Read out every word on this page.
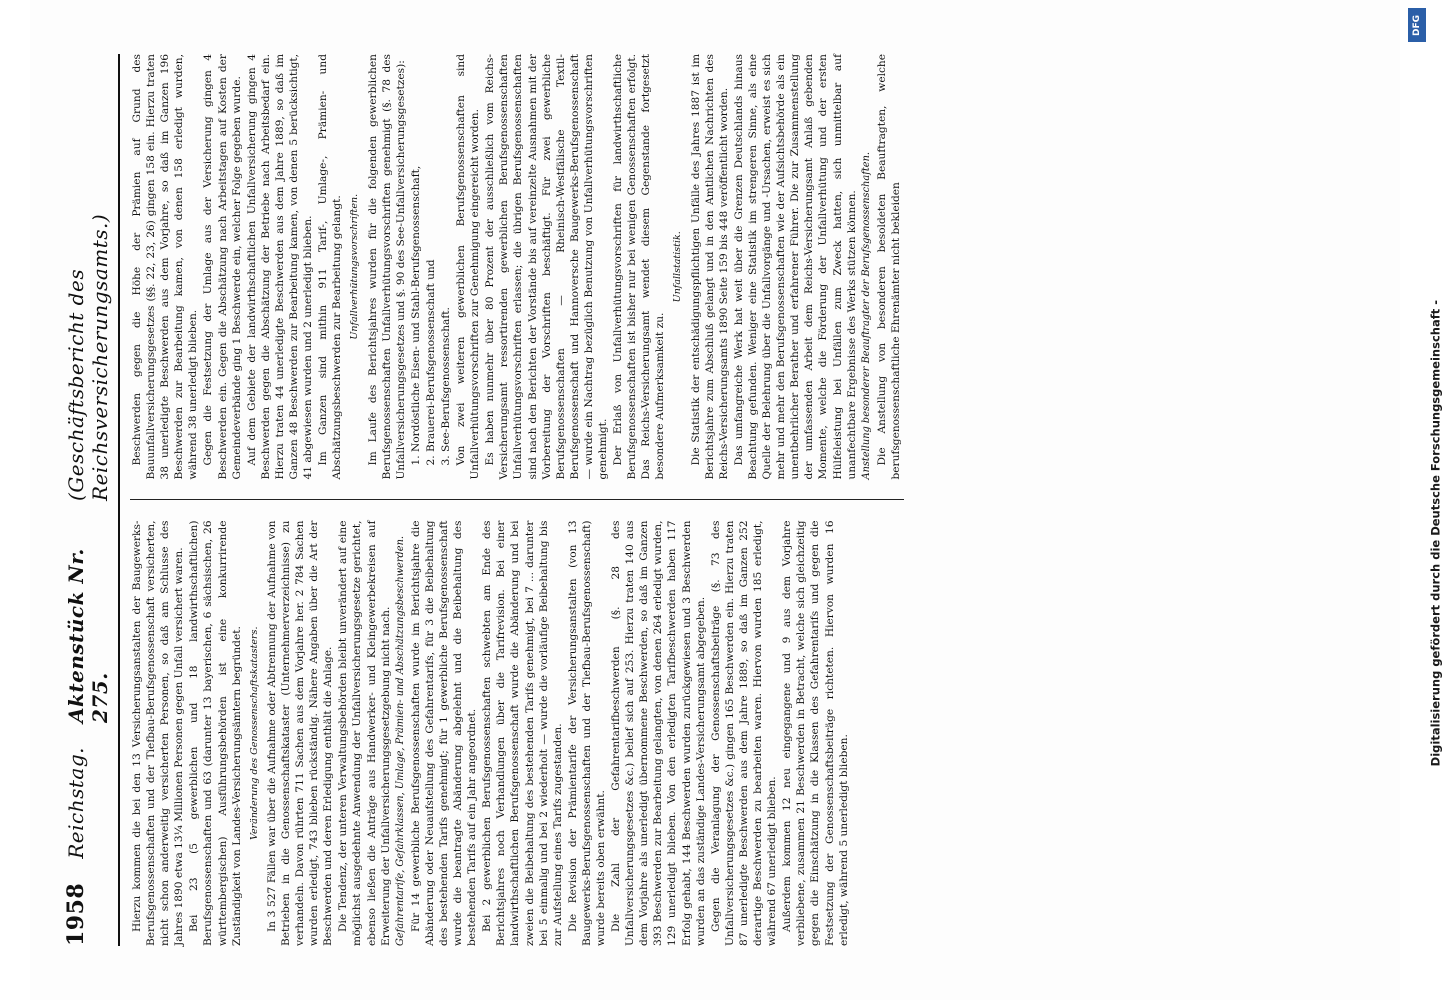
1958
Reichstag.
Aktenstück Nr. 275.
(Geschäftsbericht des Reichsversicherungsamts.)

Hierzu kommen die bei den 13 Versicherungsanstalten der Baugewerks-Berufsgenossenschaften und der Tiefbau-Berufsgenossenschaft versicherten, nicht schon anderweitig versicherten Personen, so daß am Schlusse des Jahres 1890 etwa 13¼ Millionen Personen gegen Unfall versichert waren. Bei 23 (5 gewerblichen und 18 landwirthschaftlichen) Berufsgenossenschaften und 63 (darunter 13 bayerischen, 6 sächsischen, 26 württembergischen) Ausführungsbehörden ist eine konkurrirende Zuständigkeit von Landes-Versicherungsämtern begründet. Veränderung des Genossenschaftskatasters. In 3 527 Fällen war über die Aufnahme oder Abtrennung der Aufnahme von Betrieben in die Genossenschaftskataster (Unternehmerverzeichnisse) zu verhandeln. Davon rührten 711 Sachen aus dem Vorjahre her. 2 784 Sachen wurden erledigt, 743 blieben rückständig. Nähere Angaben über die Art der Beschwerden und deren Erledigung enthält die Anlage. Die Tendenz, der unteren Verwaltungsbehörden bleibt unverändert auf eine möglichst ausgedehnte Anwendung der Unfallversicherungsgesetze gerichtet, ebenso ließen die Anträge aus Handwerker- und Kleingewerbekreisen auf Erweiterung der Unfallversicherungsgesetzgebung nicht nach. Gefahrentarife, Gefahrklassen, Umlage, Prämien- und Abschätzungsbeschwerden. Für 14 gewerbliche Berufsgenossenschaften wurde im Berichtsjahre die Abänderung oder Neuaufstellung des Gefahrentarifs, für 3 die Beibehaltung des bestehenden Tarifs genehmigt; für 1 gewerbliche Berufsgenossenschaft wurde die beantragte Abänderung abgelehnt und die Beibehaltung des bestehenden Tarifs auf ein Jahr angeordnet. Bei 2 gewerblichen Berufsgenossenschaften schwebten am Ende des Berichtsjahres noch Verhandlungen über die Tarifrevision. Bei einer landwirthschaftlichen Berufsgenossenschaft wurde die Abänderung und bei zweien die Beibehaltung des bestehenden Tarifs genehmigt, bei 7 ... darunter bei 5 einmalig und bei 2 wiederholt — wurde die vorläufige Beibehaltung bis zur Aufstellung eines Tarifs zugestanden. Die Revision der Prämientarife der Versicherungsanstalten (von 13 Baugewerks-Berufsgenossenschaften und der Tiefbau-Berufsgenossenschaft) wurde bereits oben erwähnt. Die Zahl der Gefahrentarifbeschwerden (§. 28 des Unfallversicherungsgesetzes &c.) belief sich auf 253. Hierzu traten 140 aus dem Vorjahre als unerledigt übernommene Beschwerden, so daß im Ganzen 393 Beschwerden zur Bearbeitung gelangten, von denen 264 erledigt wurden, 129 unerledigt blieben. Von den erledigten Tarifbeschwerden haben 117 Erfolg gehabt, 144 Beschwerden wurden zurückgewiesen und 3 Beschwerden wurden an das zuständige Landes-Versicherungsamt abgegeben. Gegen die Veranlagung der Genossenschaftsbeiträge (§. 73 des Unfallversicherungsgesetzes &c.) gingen 165 Beschwerden ein. Hierzu traten 87 unerledigte Beschwerden aus dem Jahre 1889, so daß im Ganzen 252 derartige Beschwerden zu bearbeiten waren. Hiervon wurden 185 erledigt, während 67 unerledigt blieben. Außerdem kommen 12 neu eingegangene und 9 aus dem Vorjahre verbliebene, zusammen 21 Beschwerden in Betracht, welche sich gleichzeitig gegen die Einschätzung in die Klassen des Gefahrentarifs und gegen die Festsetzung der Genossenschaftsbeiträge richteten. Hiervon wurden 16 erledigt, während 5 unerledigt blieben.

Beschwerden gegen die Höhe der Prämien auf Grund des Bauunfallversicherungsgesetzes (§§. 22, 23, 26) gingen 158 ein. Hierzu traten 38 unerledigte Beschwerden aus dem Vorjahre, so daß im Ganzen 196 Beschwerden zur Bearbeitung kamen, von denen 158 erledigt wurden, während 38 unerledigt blieben. Gegen die Festsetzung der Umlage aus der Versicherung gingen 4 Beschwerden ein. Gegen die Abschätzung nach Arbeitstagen auf Kosten der Gemeindeverbände ging 1 Beschwerde ein, welcher Folge gegeben wurde. Auf dem Gebiete der landwirthschaftlichen Unfallversicherung gingen 4 Beschwerden gegen die Abschätzung der Betriebe nach Arbeitsbedarf ein. Hierzu traten 44 unerledigte Beschwerden aus dem Jahre 1889, so daß im Ganzen 48 Beschwerden zur Bearbeitung kamen, von denen 5 berücksichtigt, 41 abgewiesen wurden und 2 unerledigt blieben. Im Ganzen sind mithin 911 Tarif-, Umlage-, Prämien- und Abschätzungsbeschwerden zur Bearbeitung gelangt. Unfallverhütungsvorschriften. Im Laufe des Berichtsjahres wurden für die folgenden gewerblichen Berufsgenossenschaften Unfallverhütungsvorschriften genehmigt (§. 78 des Unfallversicherungsgesetzes und §. 90 des See-Unfallversicherungsgesetzes): 1. Nordöstliche Eisen- und Stahl-Berufsgenossenschaft, 2. Brauerei-Berufsgenossenschaft und 3. See-Berufsgenossenschaft. Von zwei weiteren gewerblichen Berufsgenossenschaften sind Unfallverhütungsvorschriften zur Genehmigung eingereicht worden. Es haben nunmehr über 80 Prozent der ausschließlich vom Reichs-Versicherungsamt ressortirenden gewerblichen Berufsgenossenschaften Unfallverhütungsvorschriften erlassen; die übrigen Berufsgenossenschaften sind nach den Berichten der Vorstände bis auf vereinzelte Ausnahmen mit der Vorbereitung der Vorschriften beschäftigt. Für zwei gewerbliche Berufsgenossenschaften — Rheinisch-Westfälische Textil-Berufsgenossenschaft und Hannoversche Baugewerks-Berufsgenossenschaft — wurde ein Nachtrag bezüglich Benutzung von Unfallverhütungsvorschriften genehmigt. Der Erlaß von Unfallverhütungsvorschriften für landwirthschaftliche Berufsgenossenschaften ist bisher nur bei wenigen Genossenschaften erfolgt. Das Reichs-Versicherungsamt wendet diesem Gegenstande fortgesetzt besondere Aufmerksamkeit zu.

Unfallstatistik. Die Statistik der entschädigungspflichtigen Unfälle des Jahres 1887 ist im Berichtsjahre zum Abschluß gelangt und in den Amtlichen Nachrichten des Reichs-Versicherungsamts 1890 Seite 159 bis 448 veröffentlicht worden. Das umfangreiche Werk hat weit über die Grenzen Deutschlands hinaus Beachtung gefunden. Weniger eine Statistik im strengeren Sinne, als eine Quelle der Belehrung über die Unfallvorgänge und -Ursachen, erweist es sich mehr und mehr den Berufsgenossenschaften wie der Aufsichtsbehörde als ein unentbehrlicher Berather und erfahrener Führer. Die zur Zusammenstellung der umfassenden Arbeit dem Reichs-Versicherungsamt Anlaß gebenden Momente, welche die Förderung der Unfallverhütung und der ersten Hülfeleistung bei Unfällen zum Zweck hatten, sich unmittelbar auf unanfechtbare Ergebnisse des Werks stützen können. Anstellung besonderer Beauftragter der Berufsgenossenschaften. Die Anstellung von besonderen besoldeten Beauftragten, welche berufsgenossenschaftliche Ehrenämter nicht bekleiden

DFG
Digitalisierung gefördert durch die Deutsche Forschungsgemeinschaft -
